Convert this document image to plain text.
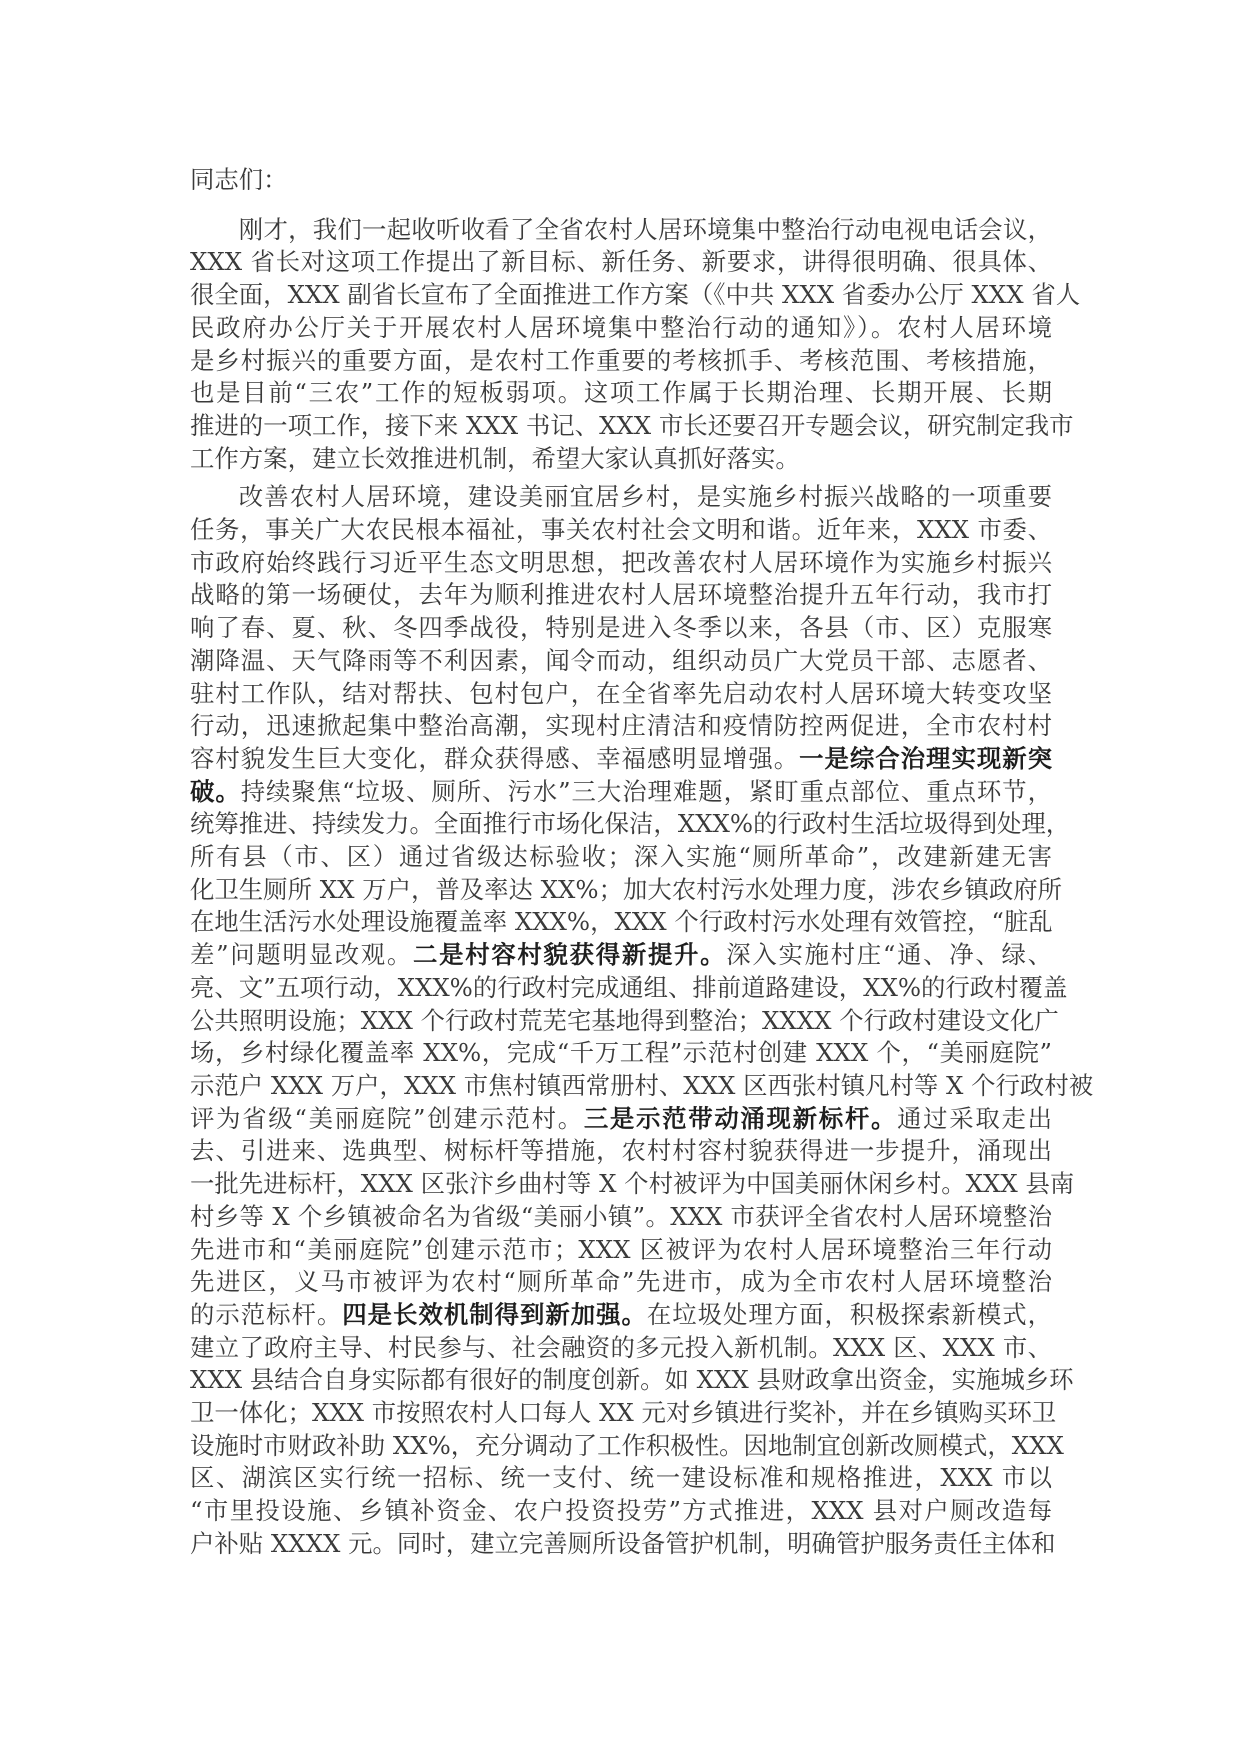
同志们：

刚才，我们一起收听收看了全省农村人居环境集中整治行动电视电话会议，
XXX 省长对这项工作提出了新目标、新任务、新要求，讲得很明确、很具体、
很全面，XXX 副省长宣布了全面推进工作方案（《中共 XXX 省委办公厅 XXX 省人
民政府办公厅关于开展农村人居环境集中整治行动的通知》）。农村人居环境
是乡村振兴的重要方面，是农村工作重要的考核抓手、考核范围、考核措施，
也是目前“三农”工作的短板弱项。这项工作属于长期治理、长期开展、长期
推进的一项工作，接下来 XXX 书记、XXX 市长还要召开专题会议，研究制定我市
工作方案，建立长效推进机制，希望大家认真抓好落实。
改善农村人居环境，建设美丽宜居乡村，是实施乡村振兴战略的一项重要
任务，事关广大农民根本福祉，事关农村社会文明和谐。近年来，XXX 市委、
市政府始终践行习近平生态文明思想，把改善农村人居环境作为实施乡村振兴
战略的第一场硬仗，去年为顺利推进农村人居环境整治提升五年行动，我市打
响了春、夏、秋、冬四季战役，特别是进入冬季以来，各县（市、区）克服寒
潮降温、天气降雨等不利因素，闻令而动，组织动员广大党员干部、志愿者、
驻村工作队，结对帮扶、包村包户，在全省率先启动农村人居环境大转变攻坚
行动，迅速掀起集中整治高潮，实现村庄清洁和疫情防控两促进，全市农村村
容村貌发生巨大变化，群众获得感、幸福感明显增强。一是综合治理实现新突
破。持续聚焦“垃圾、厕所、污水”三大治理难题，紧盯重点部位、重点环节，
统筹推进、持续发力。全面推行市场化保洁，XXX%的行政村生活垃圾得到处理，
所有县（市、区）通过省级达标验收；深入实施“厕所革命”，改建新建无害
化卫生厕所 XX 万户，普及率达 XX%；加大农村污水处理力度，涉农乡镇政府所
在地生活污水处理设施覆盖率 XXX%，XXX 个行政村污水处理有效管控，“脏乱
差”问题明显改观。二是村容村貌获得新提升。深入实施村庄“通、净、绿、
亮、文”五项行动，XXX%的行政村完成通组、排前道路建设，XX%的行政村覆盖
公共照明设施；XXX 个行政村荒芜宅基地得到整治；XXXX 个行政村建设文化广
场，乡村绿化覆盖率 XX%，完成“千万工程”示范村创建 XXX 个，“美丽庭院”
示范户 XXX 万户，XXX 市焦村镇西常册村、XXX 区西张村镇凡村等 X 个行政村被
评为省级“美丽庭院”创建示范村。三是示范带动涌现新标杆。通过采取走出
去、引进来、选典型、树标杆等措施，农村村容村貌获得进一步提升，涌现出
一批先进标杆，XXX 区张汴乡曲村等 X 个村被评为中国美丽休闲乡村。XXX 县南
村乡等 X 个乡镇被命名为省级“美丽小镇”。XXX 市获评全省农村人居环境整治
先进市和“美丽庭院”创建示范市；XXX 区被评为农村人居环境整治三年行动
先进区，义马市被评为农村“厕所革命”先进市，成为全市农村人居环境整治
的示范标杆。四是长效机制得到新加强。在垃圾处理方面，积极探索新模式，
建立了政府主导、村民参与、社会融资的多元投入新机制。XXX 区、XXX 市、
XXX 县结合自身实际都有很好的制度创新。如 XXX 县财政拿出资金，实施城乡环
卫一体化；XXX 市按照农村人口每人 XX 元对乡镇进行奖补，并在乡镇购买环卫
设施时市财政补助 XX%，充分调动了工作积极性。因地制宜创新改厕模式，XXX
区、湖滨区实行统一招标、统一支付、统一建设标准和规格推进，XXX 市以
“市里投设施、乡镇补资金、农户投资投劳”方式推进，XXX 县对户厕改造每
户补贴 XXXX 元。同时，建立完善厕所设备管护机制，明确管护服务责任主体和
